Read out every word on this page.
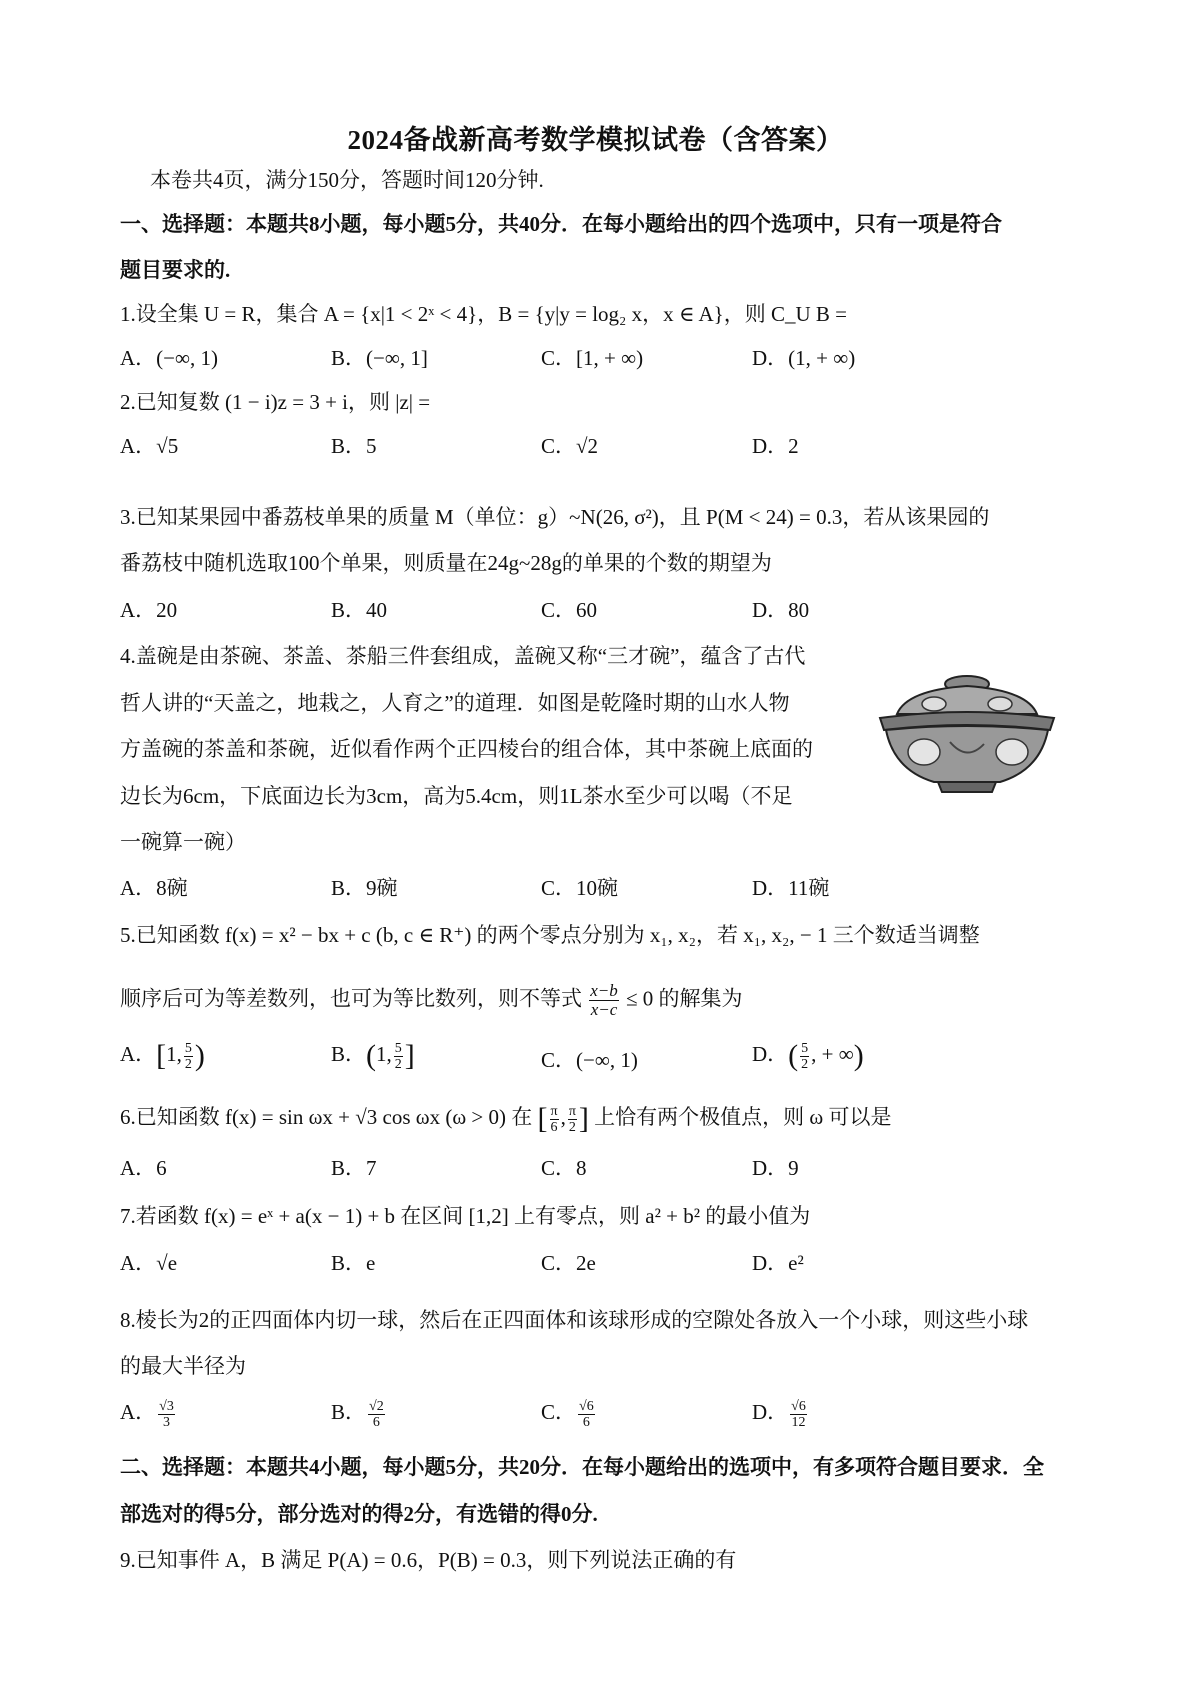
2024备战新高考数学模拟试卷（含答案）
本卷共4页，满分150分，答题时间120分钟.
一、选择题：本题共8小题，每小题5分，共40分．在每小题给出的四个选项中，只有一项是符合
题目要求的.
1.设全集 U = R，集合 A = {x|1 < 2ˣ < 4}，B = {y|y = log₂ x，x ∈ A}，则 C_U B =
A．(−∞, 1)	B．(−∞, 1]	C．[1, + ∞)	D．(1, + ∞)
2.已知复数 (1 − i)z = 3 + i，则 |z| =
A．√5	B．5	C．√2	D．2
3.已知某果园中番荔枝单果的质量 M（单位：g）~N(26, σ²)，且 P(M < 24) = 0.3，若从该果园的
番荔枝中随机选取100个单果，则质量在24g~28g的单果的个数的期望为
A．20	B．40	C．60	D．80
4.盖碗是由茶碗、茶盖、茶船三件套组成，盖碗又称“三才碗”，蕴含了古代
哲人讲的“天盖之，地栽之，人育之”的道理．如图是乾隆时期的山水人物
方盖碗的茶盖和茶碗，近似看作两个正四棱台的组合体，其中茶碗上底面的
边长为6cm，下底面边长为3cm，高为5.4cm，则1L茶水至少可以喝（不足
一碗算一碗）
A．8碗	B．9碗	C．10碗	D．11碗
5.已知函数 f(x) = x² − bx + c (b, c ∈ R⁺) 的两个零点分别为 x₁, x₂，若 x₁, x₂, − 1 三个数适当调整
顺序后可为等差数列，也可为等比数列，则不等式 $\frac{x-b}{x-c} \le 0$ 的解集为
A．[1, $\frac{5}{2}$ )	B．(1, $\frac{5}{2}$ ]	C．(−∞, 1)	D．( $\frac{5}{2}$ , + ∞)
6.已知函数 f(x) = sin ωx + √3 cos ωx (ω > 0) 在 [ $\frac{\pi}{6}$ , $\frac{\pi}{2}$ ] 上恰有两个极值点，则 ω 可以是
A．6	B．7	C．8	D．9
7.若函数 f(x) = eˣ + a(x − 1) + b 在区间 [1,2] 上有零点，则 a² + b² 的最小值为
A．√e	B．e	C．2e	D．e²
8.棱长为2的正四面体内切一球，然后在正四面体和该球形成的空隙处各放入一个小球，则这些小球
的最大半径为
A． $\frac{√3}{3}$	B． $\frac{√2}{6}$	C． $\frac{√6}{6}$	D． $\frac{√6}{12}$
二、选择题：本题共4小题，每小题5分，共20分．在每小题给出的选项中，有多项符合题目要求．全
部选对的得5分，部分选对的得2分，有选错的得0分.
9.已知事件 A，B 满足 P(A) = 0.6，P(B) = 0.3，则下列说法正确的有
